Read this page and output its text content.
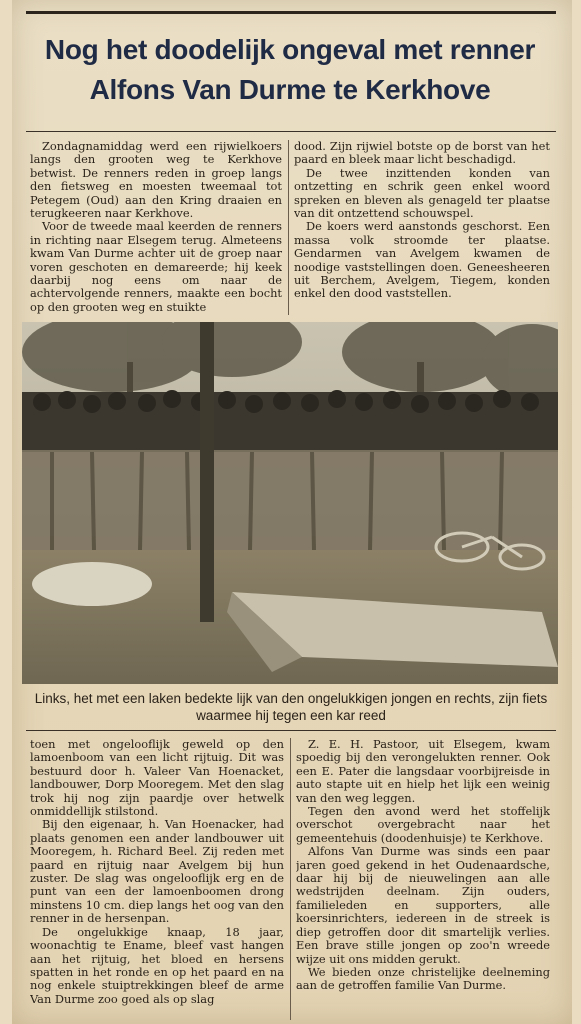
Nog het doodelijk ongeval met renner
Alfons Van Durme te Kerkhove

Zondagnamiddag werd een rijwielkoers langs den grooten weg te Kerkhove betwist. De renners reden in groep langs den fietsweg en moesten tweemaal tot Petegem (Oud) aan den Kring draaien en terugkeeren naar Kerkhove.

Voor de tweede maal keerden de renners in richting naar Elsegem terug. Almeteens kwam Van Durme achter uit de groep naar voren geschoten en demareerde; hij keek daarbij nog eens om naar de achtervolgende renners, maakte een bocht op den grooten weg en stuikte

dood. Zijn rijwiel botste op de borst van het paard en bleek maar licht beschadigd.

De twee inzittenden konden van ontzetting en schrik geen enkel woord spreken en bleven als genageld ter plaatse van dit ontzettend schouwspel.

De koers werd aanstonds geschorst. Een massa volk stroomde ter plaatse. Gendarmen van Avelgem kwamen de noodige vaststellingen doen. Geneesheeren uit Berchem, Avelgem, Tiegem, konden enkel den dood vaststellen.

Links, het met een laken bedekte lijk van den ongelukkigen jongen en rechts, zijn fiets waarmee hij tegen een kar reed

toen met ongelooflijk geweld op den lamoenboom van een licht rijtuig. Dit was bestuurd door h. Valeer Van Hoenacket, landbouwer, Dorp Mooregem. Met den slag trok hij nog zijn paardje over hetwelk onmiddellijk stilstond.

Bij den eigenaar, h. Van Hoenacker, had plaats genomen een ander landbouwer uit Mooregem, h. Richard Beel. Zij reden met paard en rijtuig naar Avelgem bij hun zuster. De slag was ongelooflijk erg en de punt van een der lamoenboomen drong minstens 10 cm. diep langs het oog van den renner in de hersenpan.

De ongelukkige knaap, 18 jaar, woonachtig te Ename, bleef vast hangen aan het rijtuig, het bloed en hersens spatten in het ronde en op het paard en na nog enkele stuiptrekkingen bleef de arme Van Durme zoo goed als op slag

Z. E. H. Pastoor, uit Elsegem, kwam spoedig bij den verongelukten renner. Ook een E. Pater die langsdaar voorbijreisde in auto stapte uit en hielp het lijk een weinig van den weg leggen.

Tegen den avond werd het stoffelijk overschot overgebracht naar het gemeentehuis (doodenhuisje) te Kerkhove.

Alfons Van Durme was sinds een paar jaren goed gekend in het Oudenaardsche, daar hij bij de nieuwelingen aan alle wedstrijden deelnam. Zijn ouders, familieleden en supporters, alle koersinrichters, iedereen in de streek is diep getroffen door dit smartelijk verlies. Een brave stille jongen op zoo'n wreede wijze uit ons midden gerukt.

We bieden onze christelijke deelneming aan de getroffen familie Van Durme.
